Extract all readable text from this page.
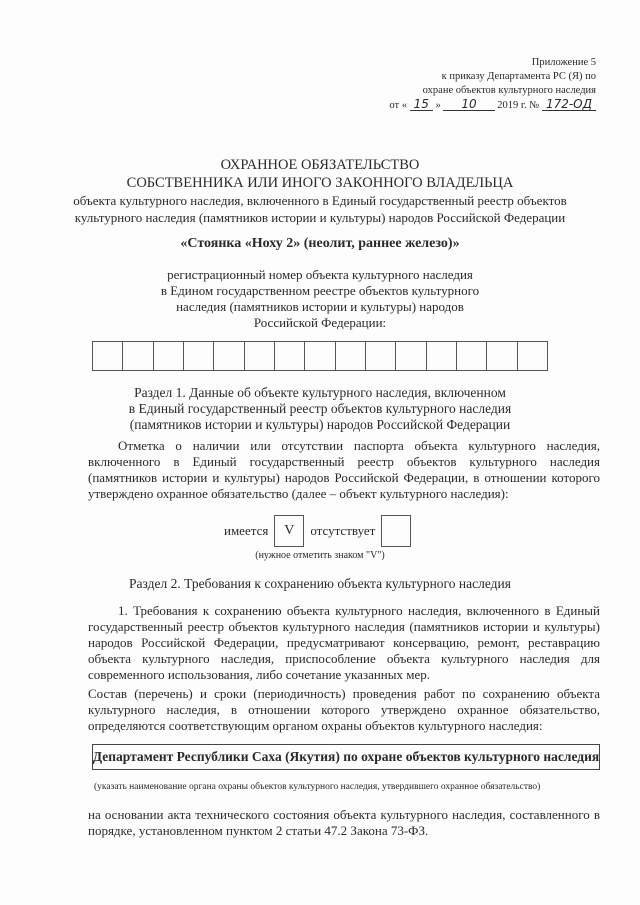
Приложение 5
к приказу Департамента РС (Я) по
охране объектов культурного наследия
от « 15 » 10 2019 г. № 172-ОД
ОХРАННОЕ ОБЯЗАТЕЛЬСТВО
СОБСТВЕННИКА ИЛИ ИНОГО ЗАКОННОГО ВЛАДЕЛЬЦА
объекта культурного наследия, включенного в Единый государственный реестр объектов
культурного наследия (памятников истории и культуры) народов Российской Федерации
«Стоянка «Ноху 2» (неолит, раннее железо)»
регистрационный номер объекта культурного наследия
в Едином государственном реестре объектов культурного
наследия (памятников истории и культуры) народов
Российской Федерации:
Раздел 1. Данные об объекте культурного наследия, включенном
в Единый государственный реестр объектов культурного наследия
(памятников истории и культуры) народов Российской Федерации
Отметка о наличии или отсутствии паспорта объекта культурного наследия, включенного в Единый государственный реестр объектов культурного наследия (памятников истории и культуры) народов Российской Федерации, в отношении которого утверждено охранное обязательство (далее – объект культурного наследия):
имеется	V	отсутствует
(нужное отметить знаком "V")
Раздел 2. Требования к сохранению объекта культурного наследия
1. Требования к сохранению объекта культурного наследия, включенного в Единый государственный реестр объектов культурного наследия (памятников истории и культуры) народов Российской Федерации, предусматривают консервацию, ремонт, реставрацию объекта культурного наследия, приспособление объекта культурного наследия для современного использования, либо сочетание указанных мер.
Состав (перечень) и сроки (периодичность) проведения работ по сохранению объекта культурного наследия, в отношении которого утверждено охранное обязательство, определяются соответствующим органом охраны объектов культурного наследия:
Департамент Республики Саха (Якутия) по охране объектов культурного наследия
(указать наименование органа охраны объектов культурного наследия, утвердившего охранное обязательство)
на основании акта технического состояния объекта культурного наследия, составленного в порядке, установленном пунктом 2 статьи 47.2 Закона 73-ФЗ.
